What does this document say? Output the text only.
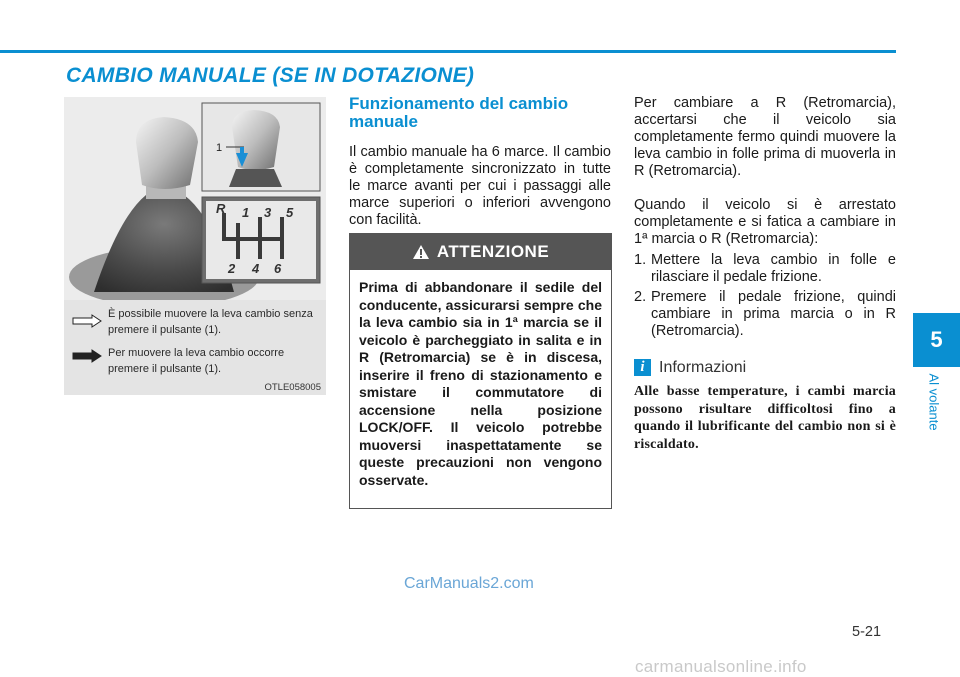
CAMBIO MANUALE (SE IN DOTAZIONE)
1
R 1 3 5
2 4 6
È possibile muovere la leva cambio senza premere il pulsante (1).
Per muovere la leva cambio occorre premere il pulsante (1).
OTLE058005
Funzionamento del cambio manuale

Il cambio manuale ha 6 marce. Il cambio è completamente sincronizzato in tutte le marce avanti per cui i passaggi alle marce superiori o inferiori avvengono con facilità.

ATTENZIONE
Prima di abbandonare il sedile del conducente, assicurarsi sempre che la leva cambio sia in 1ª marcia se il veicolo è parcheggiato in salita e in R (Retromarcia) se è in discesa, inserire il freno di stazionamento e smistare il commutatore di accensione nella posizione LOCK/OFF. Il veicolo potrebbe muoversi inaspettatamente se queste precauzioni non vengono osservate.

Per cambiare a R (Retromarcia), accertarsi che il veicolo sia completamente fermo quindi muovere la leva cambio in folle prima di muoverla in R (Retromarcia).

Quando il veicolo si è arrestato completamente e si fatica a cambiare in 1ª marcia o R (Retromarcia):

1. Mettere la leva cambio in folle e rilasciare il pedale frizione.
2. Premere il pedale frizione, quindi cambiare in prima marcia o in R (Retromarcia).
i Informazioni
Alle basse temperature, i cambi marcia possono risultare difficoltosi fino a quando il lubrificante del cambio non si è riscaldato.
5
Al volante
CarManuals2.com
5-21
carmanualsonline.info
